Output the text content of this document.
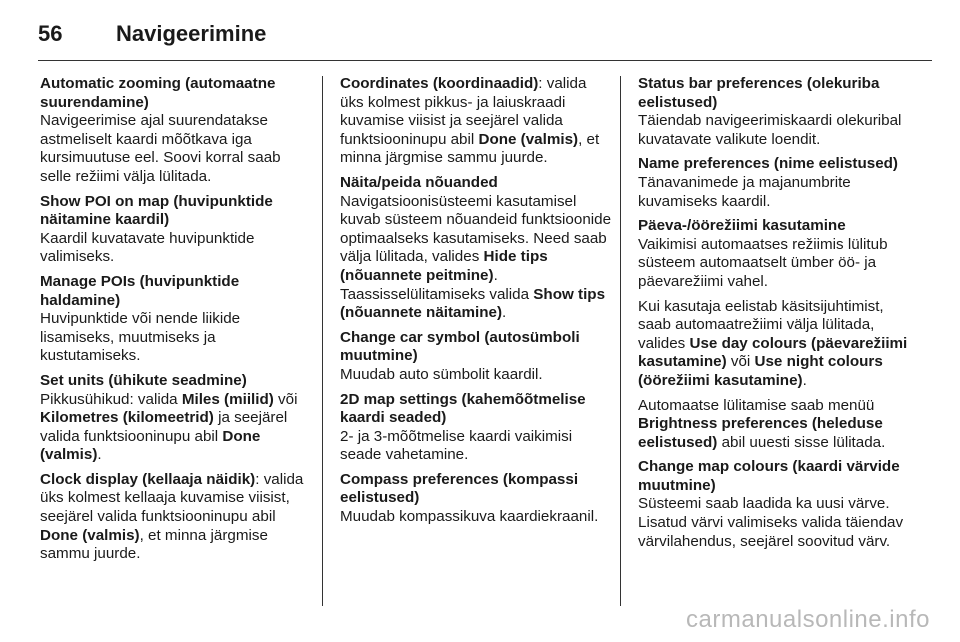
56	Navigeerimine
Automatic zooming (automaatne suurendamine)
Navigeerimise ajal suurendatakse astmeliselt kaardi mõõtkava iga kursimuutuse eel. Soovi korral saab selle režiimi välja lülitada.
Show POI on map (huvipunktide näitamine kaardil)
Kaardil kuvatavate huvipunktide valimiseks.
Manage POIs (huvipunktide haldamine)
Huvipunktide või nende liikide lisamiseks, muutmiseks ja kustutamiseks.
Set units (ühikute seadmine)
Pikkusühikud: valida Miles (miilid) või Kilometres (kilomeetrid) ja seejärel valida funktsiooninupu abil Done (valmis).
Clock display (kellaaja näidik): valida üks kolmest kellaaja kuvamise viisist, seejärel valida funktsiooninupu abil Done (valmis), et minna järgmise sammu juurde.
Coordinates (koordinaadid): valida üks kolmest pikkus- ja laiuskraadi kuvamise viisist ja seejärel valida funktsiooninupu abil Done (valmis), et minna järgmise sammu juurde.
Näita/peida nõuanded
Navigatsioonisüsteemi kasutamisel kuvab süsteem nõuandeid funktsioonide optimaalseks kasutamiseks. Need saab välja lülitada, valides Hide tips (nõuannete peitmine). Taassisselülitamiseks valida Show tips (nõuannete näitamine).
Change car symbol (autosümboli muutmine)
Muudab auto sümbolit kaardil.
2D map settings (kahemõõtmelise kaardi seaded)
2- ja 3-mõõtmelise kaardi vaikimisi seade vahetamine.
Compass preferences (kompassi eelistused)
Muudab kompassikuva kaardiekraanil.
Status bar preferences (olekuriba eelistused)
Täiendab navigeerimiskaardi olekuribal kuvatavate valikute loendit.
Name preferences (nime eelistused)
Tänavanimede ja majanumbrite kuvamiseks kaardil.
Päeva-/öörežiimi kasutamine
Vaikimisi automaatses režiimis lülitub süsteem automaatselt ümber öö- ja päevarežiimi vahel.
Kui kasutaja eelistab käsitsijuhtimist, saab automaatrežiimi välja lülitada, valides Use day colours (päevarežiimi kasutamine) või Use night colours (öörežiimi kasutamine).
Automaatse lülitamise saab menüü Brightness preferences (heleduse eelistused) abil uuesti sisse lülitada.
Change map colours (kaardi värvide muutmine)
Süsteemi saab laadida ka uusi värve. Lisatud värvi valimiseks valida täiendav värvilahendus, seejärel soovitud värv.
carmanualsonline.info
